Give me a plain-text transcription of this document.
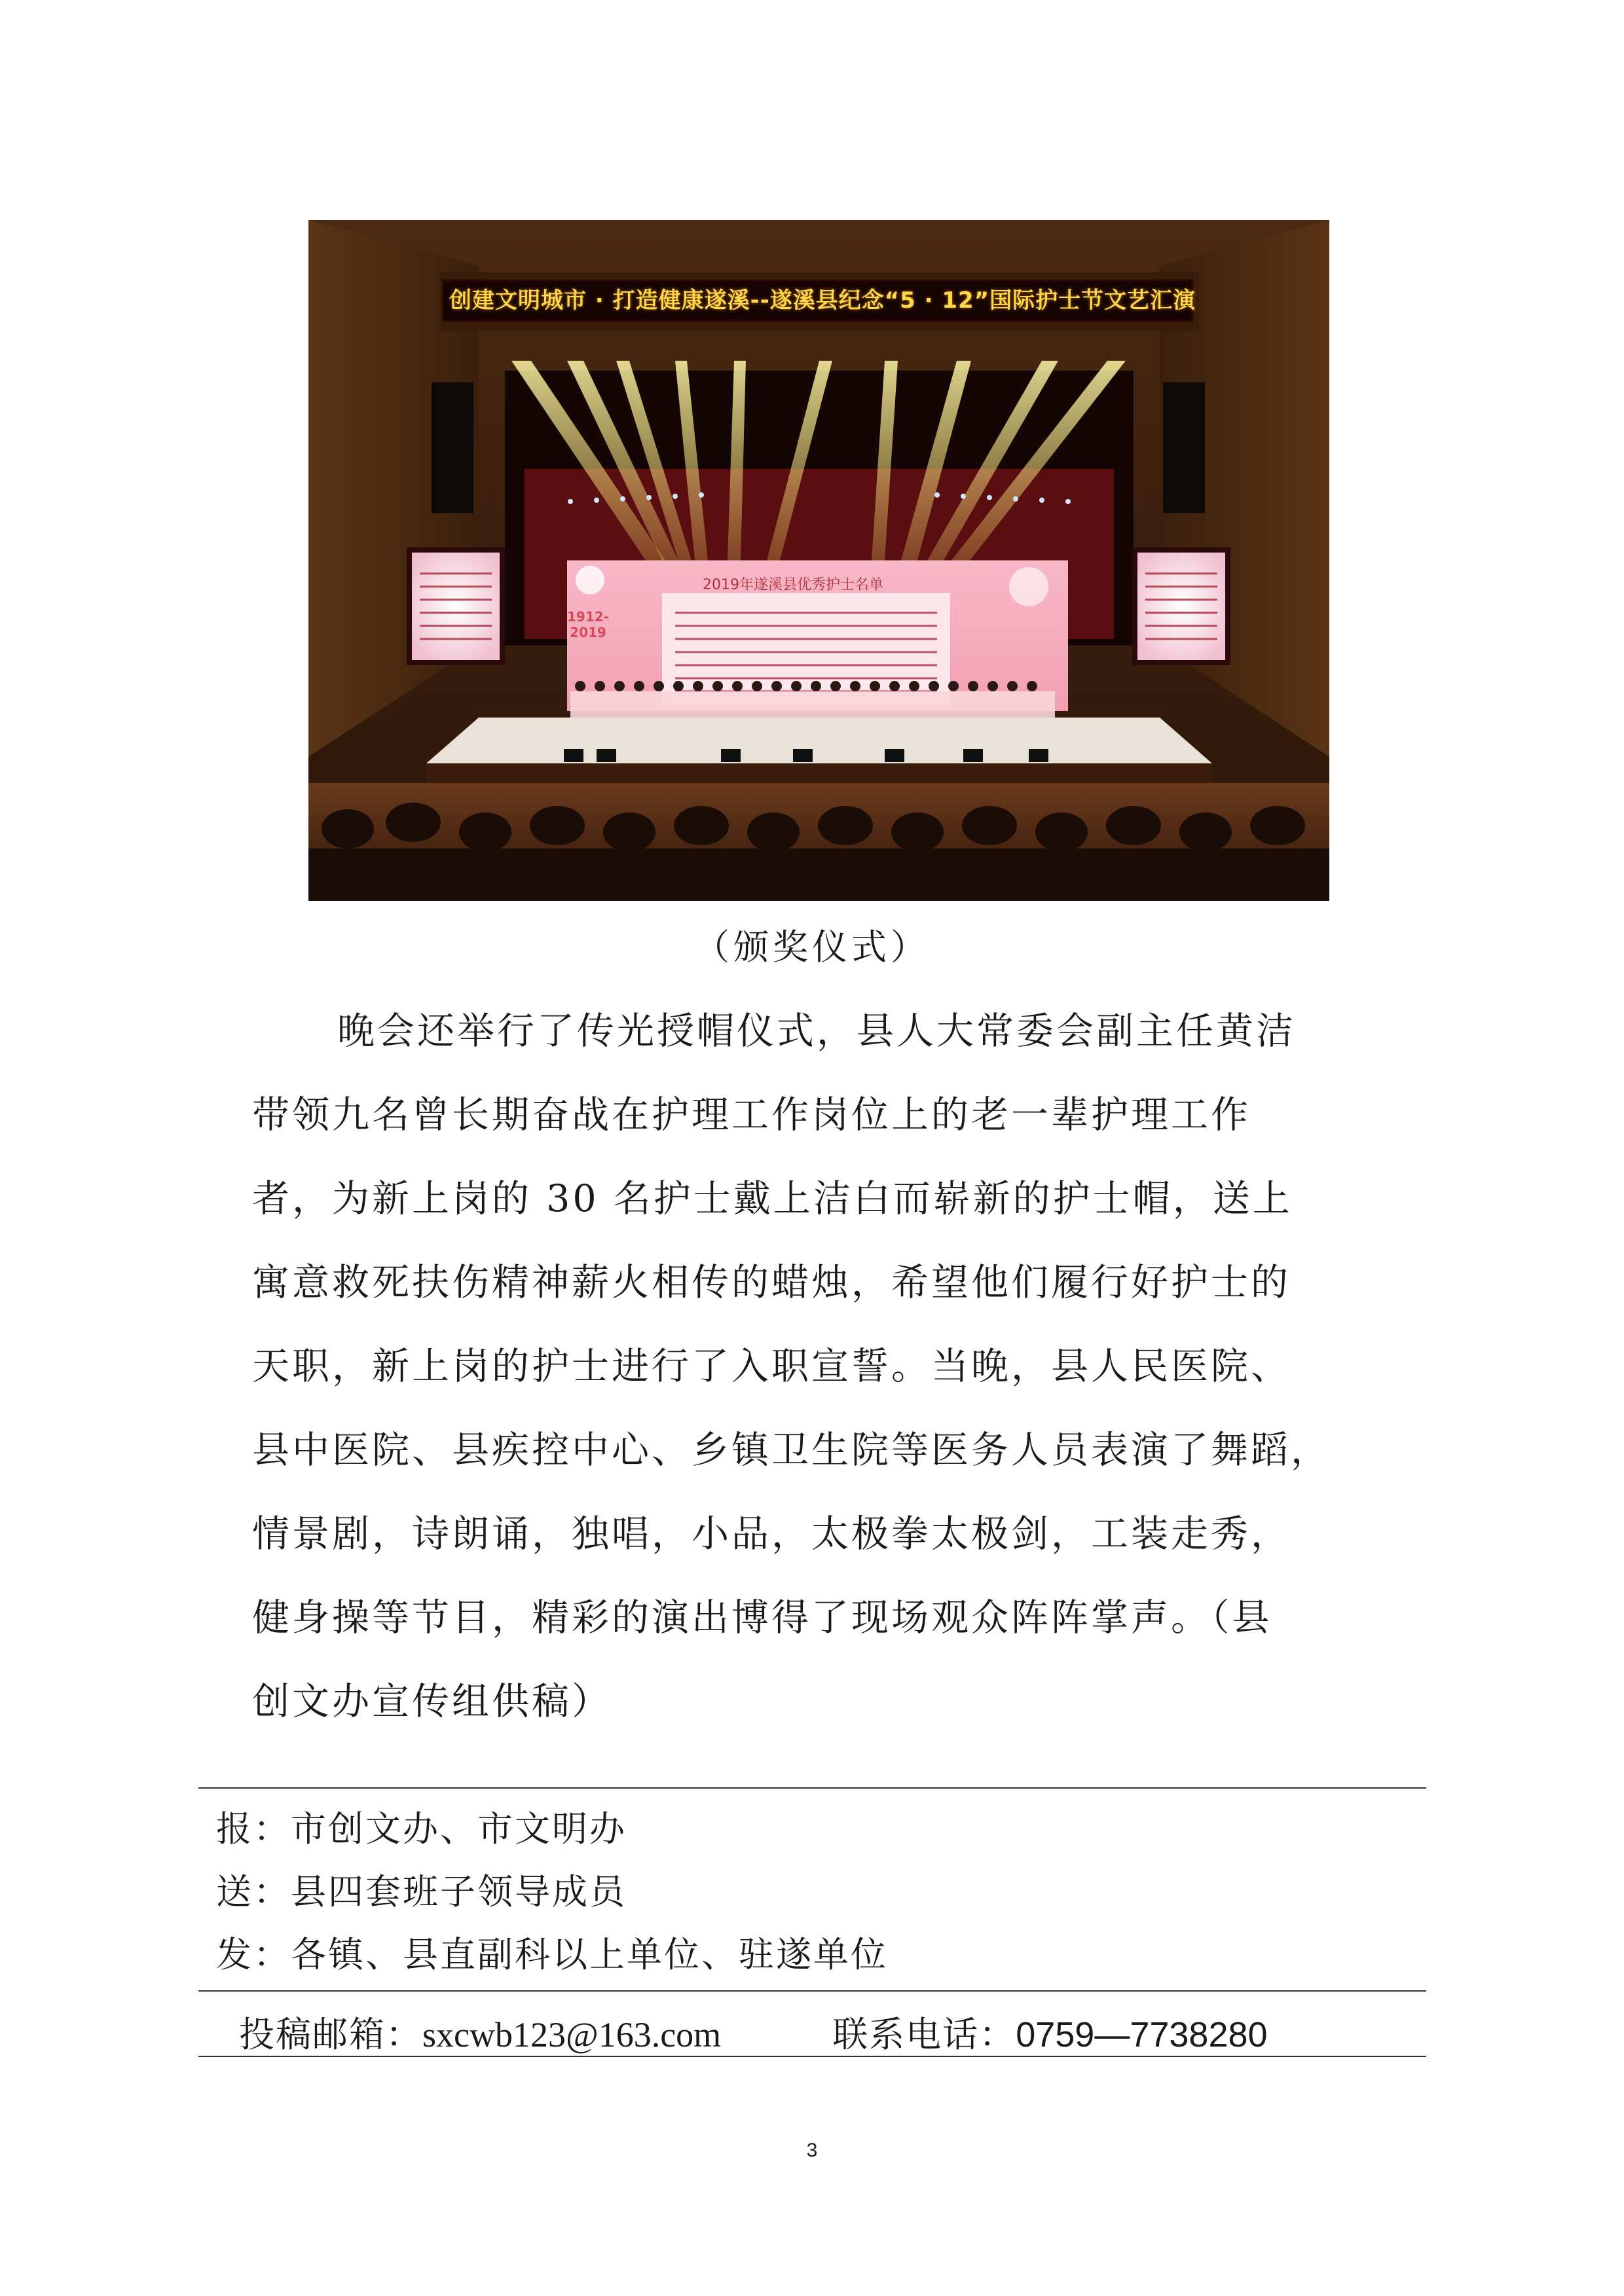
创建文明城市 · 打造健康遂溪--遂溪县纪念“5 · 12”国际护士节文艺汇演
2019年遂溪县优秀护士名单
1912-2019
（颁奖仪式）
晚会还举行了传光授帽仪式，县人大常委会副主任黄洁
带领九名曾长期奋战在护理工作岗位上的老一辈护理工作
者，为新上岗的 30 名护士戴上洁白而崭新的护士帽，送上
寓意救死扶伤精神薪火相传的蜡烛，希望他们履行好护士的
天职，新上岗的护士进行了入职宣誓。当晚，县人民医院、
县中医院、县疾控中心、乡镇卫生院等医务人员表演了舞蹈，
情景剧，诗朗诵，独唱，小品，太极拳太极剑，工装走秀，
健身操等节目，精彩的演出博得了现场观众阵阵掌声。（县
创文办宣传组供稿）
报：市创文办、市文明办
送：县四套班子领导成员
发：各镇、县直副科以上单位、驻遂单位
投稿邮箱：sxcwb123@163.com	联系电话：0759—7738280
3
